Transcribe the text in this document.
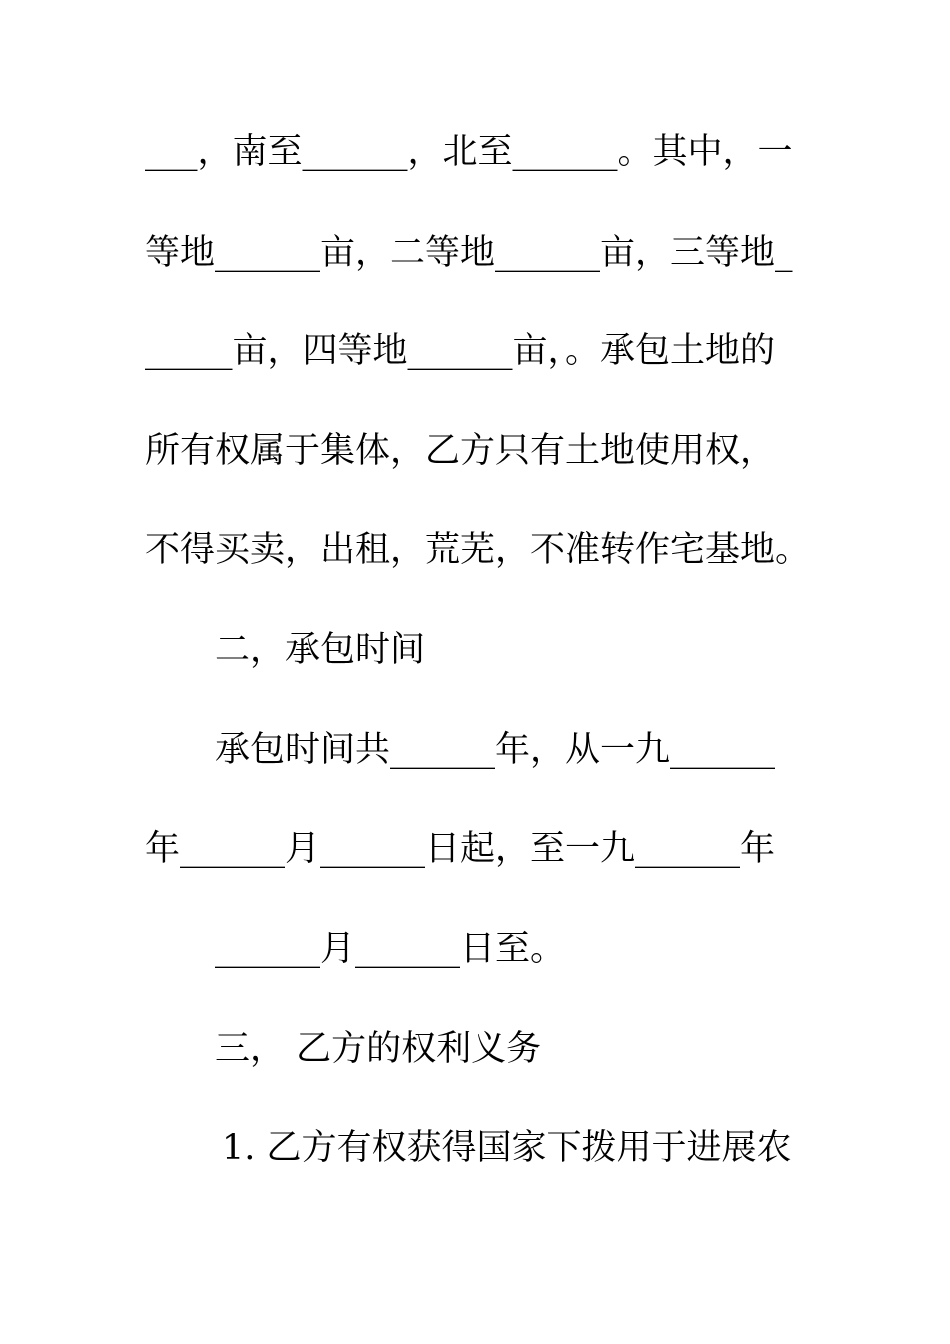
___，南至______，北至______。其中，一
等地______亩，二等地______亩，三等地_
_____亩，四等地______亩，。承包土地的
所有权属于集体，乙方只有土地使用权，
不得买卖，出租，荒芜，不准转作宅基地。
二，承包时间
承包时间共______年，从一九______
年______月______日起，至一九______年
______月______日至。
三， 乙方的权利义务
1. 乙方有权获得国家下拨用于进展农
